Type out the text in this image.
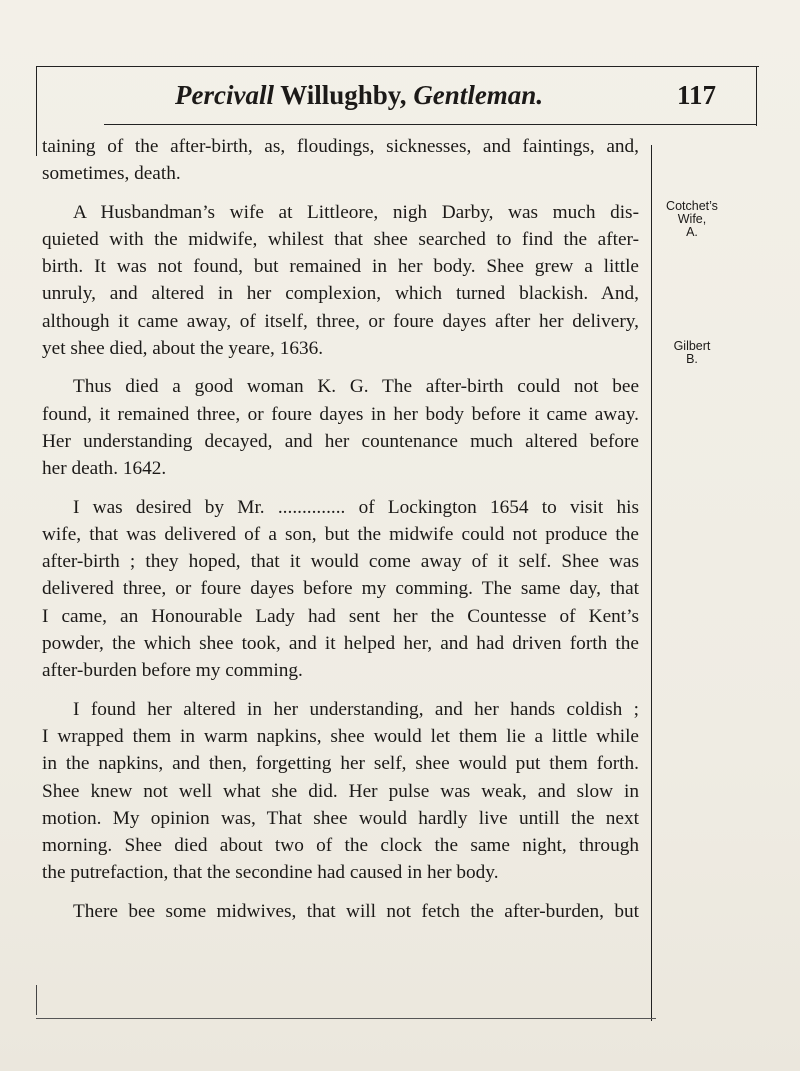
Percivall Willughby, Gentleman.	117
taining of the after-birth, as, floudings, sicknesses, and faintings, and,
sometimes, death.
A Husbandman’s wife at Littleore, nigh Darby, was much dis-
quieted with the midwife, whilest that shee searched to find the after-
birth. It was not found, but remained in her body. Shee grew a little
unruly, and altered in her complexion, which turned blackish. And,
although it came away, of itself, three, or foure dayes after her delivery,
yet shee died, about the yeare, 1636.
Thus died a good woman K. G. The after-birth could not bee
found, it remained three, or foure dayes in her body before it came away.
Her understanding decayed, and her countenance much altered before
her death. 1642.
I was desired by Mr. .............. of Lockington 1654 to visit his
wife, that was delivered of a son, but the midwife could not produce the
after-birth ; they hoped, that it would come away of it self. Shee was
delivered three, or foure dayes before my comming. The same day, that
I came, an Honourable Lady had sent her the Countesse of Kent’s
powder, the which shee took, and it helped her, and had driven forth the
after-burden before my comming.
I found her altered in her understanding, and her hands coldish ;
I wrapped them in warm napkins, shee would let them lie a little while
in the napkins, and then, forgetting her self, shee would put them forth.
Shee knew not well what she did. Her pulse was weak, and slow in
motion. My opinion was, That shee would hardly live untill the next
morning. Shee died about two of the clock the same night, through
the putrefaction, that the secondine had caused in her body.
There bee some midwives, that will not fetch the after-burden, but
Cotchet’s
Wife,
A.
Gilbert
B.
